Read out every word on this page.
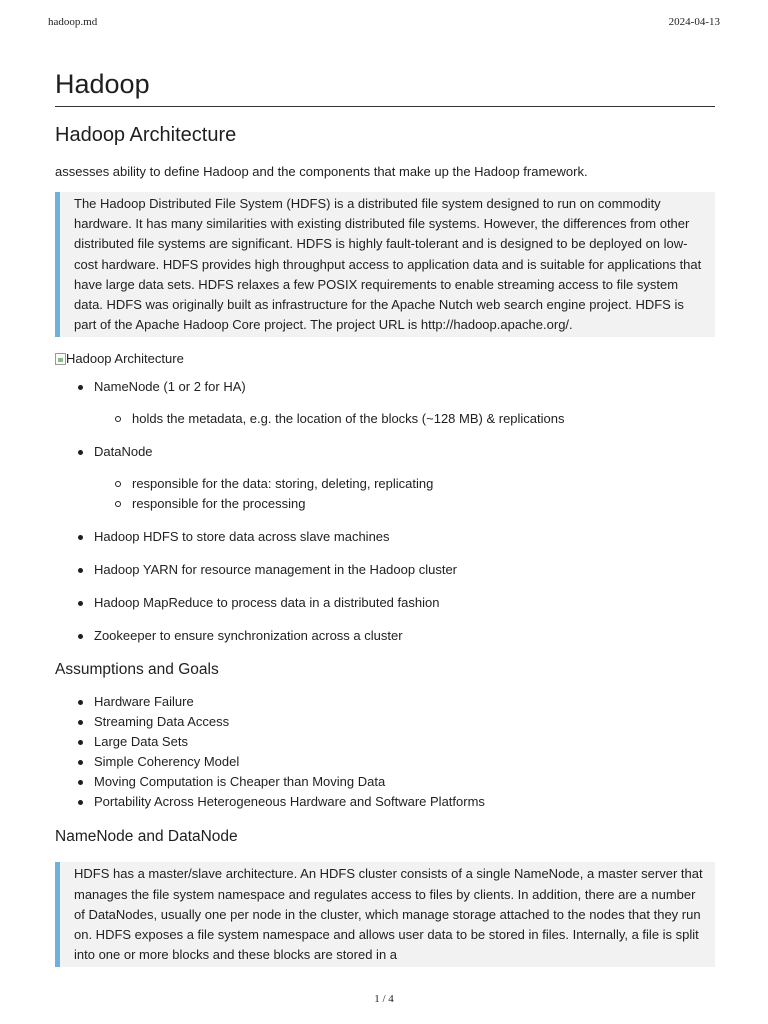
hadoop.md	2024-04-13
Hadoop
Hadoop Architecture

assesses ability to define Hadoop and the components that make up the Hadoop framework.

The Hadoop Distributed File System (HDFS) is a distributed file system designed to run on commodity hardware. It has many similarities with existing distributed file systems. However, the differences from other distributed file systems are significant. HDFS is highly fault-tolerant and is designed to be deployed on low-cost hardware. HDFS provides high throughput access to application data and is suitable for applications that have large data sets. HDFS relaxes a few POSIX requirements to enable streaming access to file system data. HDFS was originally built as infrastructure for the Apache Nutch web search engine project. HDFS is part of the Apache Hadoop Core project. The project URL is http://hadoop.apache.org/.
Hadoop Architecture
NameNode (1 or 2 for HA)
holds the metadata, e.g. the location of the blocks (~128 MB) & replications
DataNode
responsible for the data: storing, deleting, replicating
responsible for the processing
Hadoop HDFS to store data across slave machines
Hadoop YARN for resource management in the Hadoop cluster
Hadoop MapReduce to process data in a distributed fashion
Zookeeper to ensure synchronization across a cluster
Assumptions and Goals
Hardware Failure
Streaming Data Access
Large Data Sets
Simple Coherency Model
Moving Computation is Cheaper than Moving Data
Portability Across Heterogeneous Hardware and Software Platforms
NameNode and DataNode
HDFS has a master/slave architecture. An HDFS cluster consists of a single NameNode, a master server that manages the file system namespace and regulates access to files by clients. In addition, there are a number of DataNodes, usually one per node in the cluster, which manage storage attached to the nodes that they run on. HDFS exposes a file system namespace and allows user data to be stored in files. Internally, a file is split into one or more blocks and these blocks are stored in a
1 / 4
